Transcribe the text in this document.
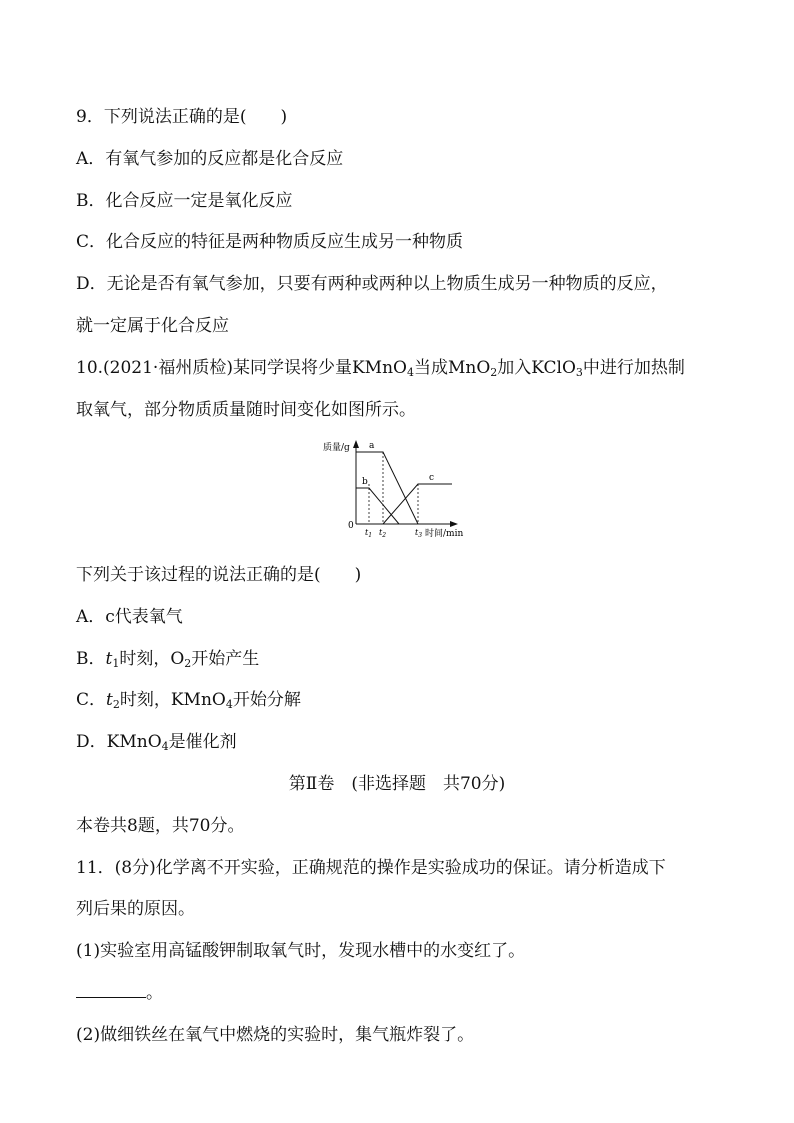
9．下列说法正确的是(　　)
A．有氧气参加的反应都是化合反应
B．化合反应一定是氧化反应
C．化合反应的特征是两种物质反应生成另一种物质
D．无论是否有氧气参加，只要有两种或两种以上物质生成另一种物质的反应，
就一定属于化合反应
10.(2021·福州质检)某同学误将少量KMnO$_4$当成MnO$_2$加入KClO$_3$中进行加热制
取氧气，部分物质质量随时间变化如图所示。
质量/g
0
时间/min
a
b	c
$t_1$ $t_2$	$t_3$
下列关于该过程的说法正确的是(　　)
A．c代表氧气
B．$t_1$时刻，$O_2$开始产生
C．$t_2$时刻，KMnO$_4$开始分解
D．KMnO$_4$是催化剂
第Ⅱ卷　(非选择题　共70分)
本卷共8题，共70分。
11．(8分)化学离不开实验，正确规范的操作是实验成功的保证。请分析造成下
列后果的原因。
(1)实验室用高锰酸钾制取氧气时，发现水槽中的水变红了。
。
(2)做细铁丝在氧气中燃烧的实验时，集气瓶炸裂了。
